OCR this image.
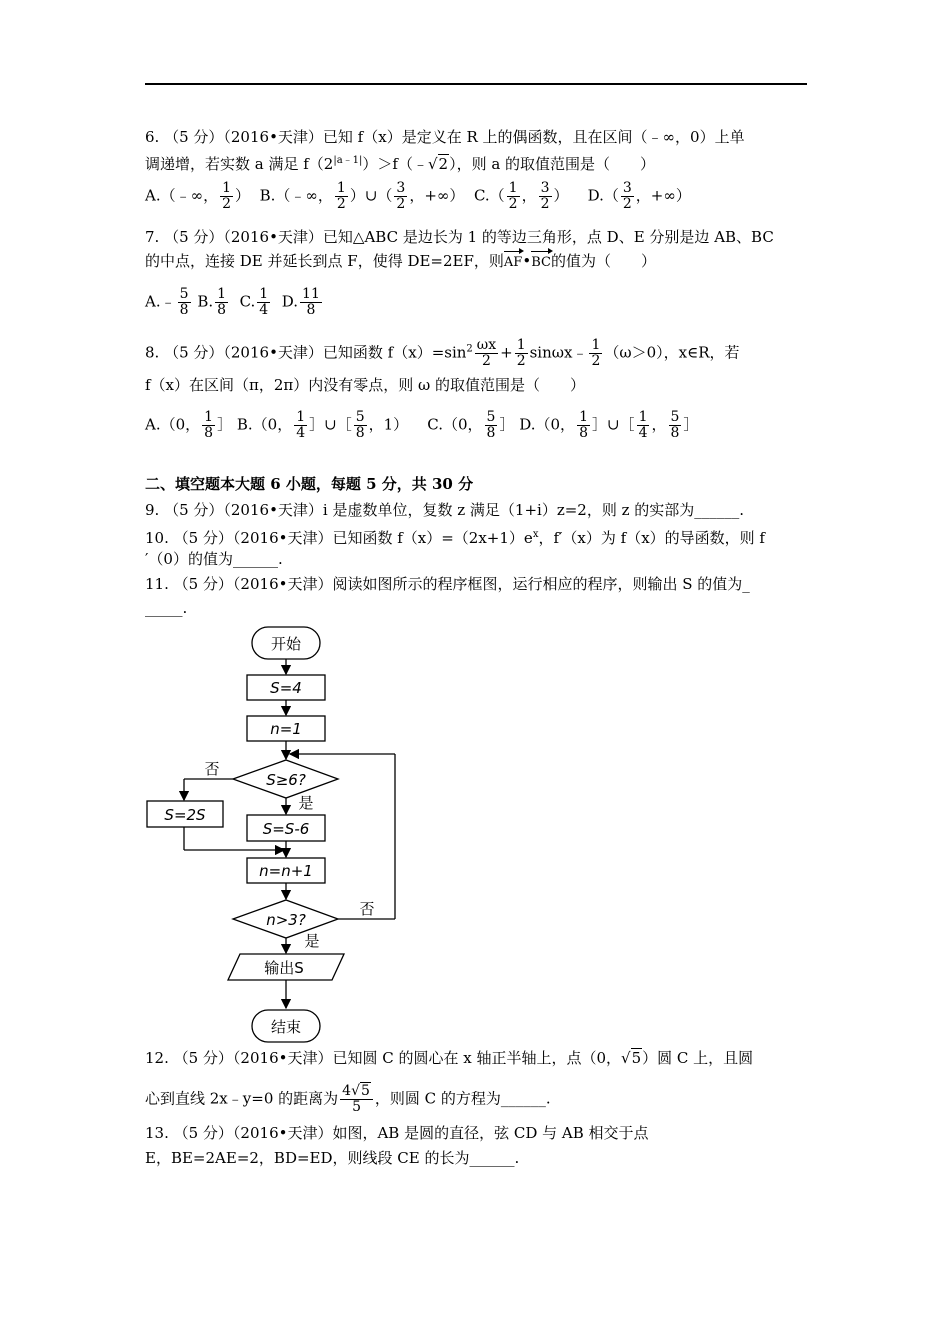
6. （5 分）（2016•天津）已知 f（x）是定义在 R 上的偶函数，且在区间（﹣∞，0）上单
调递增，若实数 a 满足 $f(2^{|a﹣1|})>f(﹣√2)$，则 a 的取值范围是（　　）
A.（﹣∞， $\frac{1}{2}$ ） B.（﹣∞， $\frac{1}{2}$ ）∪（ $\frac{3}{2}$ ，+∞） $C.( \frac{1}{2}$ ， $\frac{3}{2}$ ） $D.( \frac{3}{2}$ ，+∞）
7. （5 分）（2016•天津）已知△ABC 是边长为 1 的等边三角形，点 D、E 分别是边 AB、BC
的中点，连接 DE 并延长到点 F，使得 DE=2EF，则AF•BC的值为（　　）
A.﹣ $\frac{5}{8} B$. $\frac{1}{8} C$. $\frac{1}{4} D$. $\frac{11}{8}$
8. （5 分）（2016•天津）已知函数 $f(x)=\sin^2 \frac{\omega x}{2} + \frac{1}{2}$ sinωx﹣ $\frac{1}{2} (\omega>0)$，x∈R，若
f（x）在区间（π，2π）内没有零点，则 ω 的取值范围是（　　）
A.（0， $\frac{1}{8}$ ］ B.（0， $\frac{1}{4}$ ］∪［ $\frac{5}{8}$ ，1） C.（0， $\frac{5}{8}$ ］ D.（0， $\frac{1}{8}$ ］∪［ $\frac{1}{4}$ ， $\frac{5}{8}$ ］
二、填空题本大题 6 小题，每题 5 分，共 30 分
9. （5 分）（2016•天津）i 是虚数单位，复数 z 满足（1+i）z=2，则 z 的实部为______.
10. （5 分）（2016•天津）已知函数 $f(x)=(2x+1)e^x$，f′（x）为 f（x）的导函数，则 f
′（0）的值为______.
11. （5 分）（2016•天津）阅读如图所示的程序框图，运行相应的程序，则输出 S 的值为_
_____.
开始
S=4
n=1
S≥6?
否
是
S=2S
S=S-6
n=n+1
n>3?
否
是
输出S
结束
12. （5 分）（2016•天津）已知圆 C 的圆心在 x 轴正半轴上，点（0，√5）圆 C 上，且圆
心到直线 2x﹣y=0 的距离为 $\frac{4√5}{5}$ ，则圆 C 的方程为______.
13. （5 分）（2016•天津）如图，AB 是圆的直径，弦 CD 与 AB 相交于点
E，BE=2AE=2，BD=ED，则线段 CE 的长为______.
